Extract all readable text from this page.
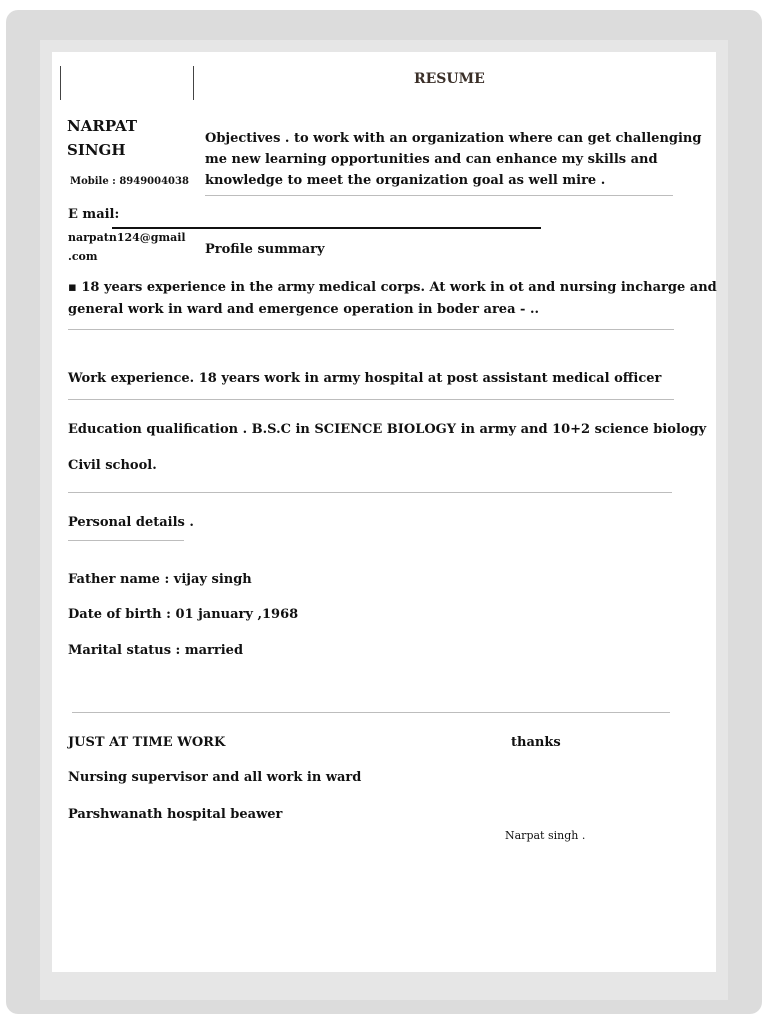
RESUME
NARPAT
SINGH
Mobile : 8949004038
Objectives . to work with an organization where can get challenging
me new learning opportunities and can enhance my skills and
knowledge to meet the organization goal as well mire .
E mail:
narpatn124@gmail
.com	Profile summary
▪ 18 years experience in the army medical corps. At work in ot and nursing incharge and
general work in ward and emergence operation in boder area - ..
Work experience. 18 years work in army hospital at post assistant medical officer
Education qualification . B.S.C in SCIENCE BIOLOGY in army and 10+2 science biology
Civil school.
Personal details .
Father name : vijay singh
Date of birth : 01 january ,1968
Marital status : married
JUST AT TIME WORK	thanks
Nursing supervisor and all work in ward
Parshwanath hospital beawer
Narpat singh .
